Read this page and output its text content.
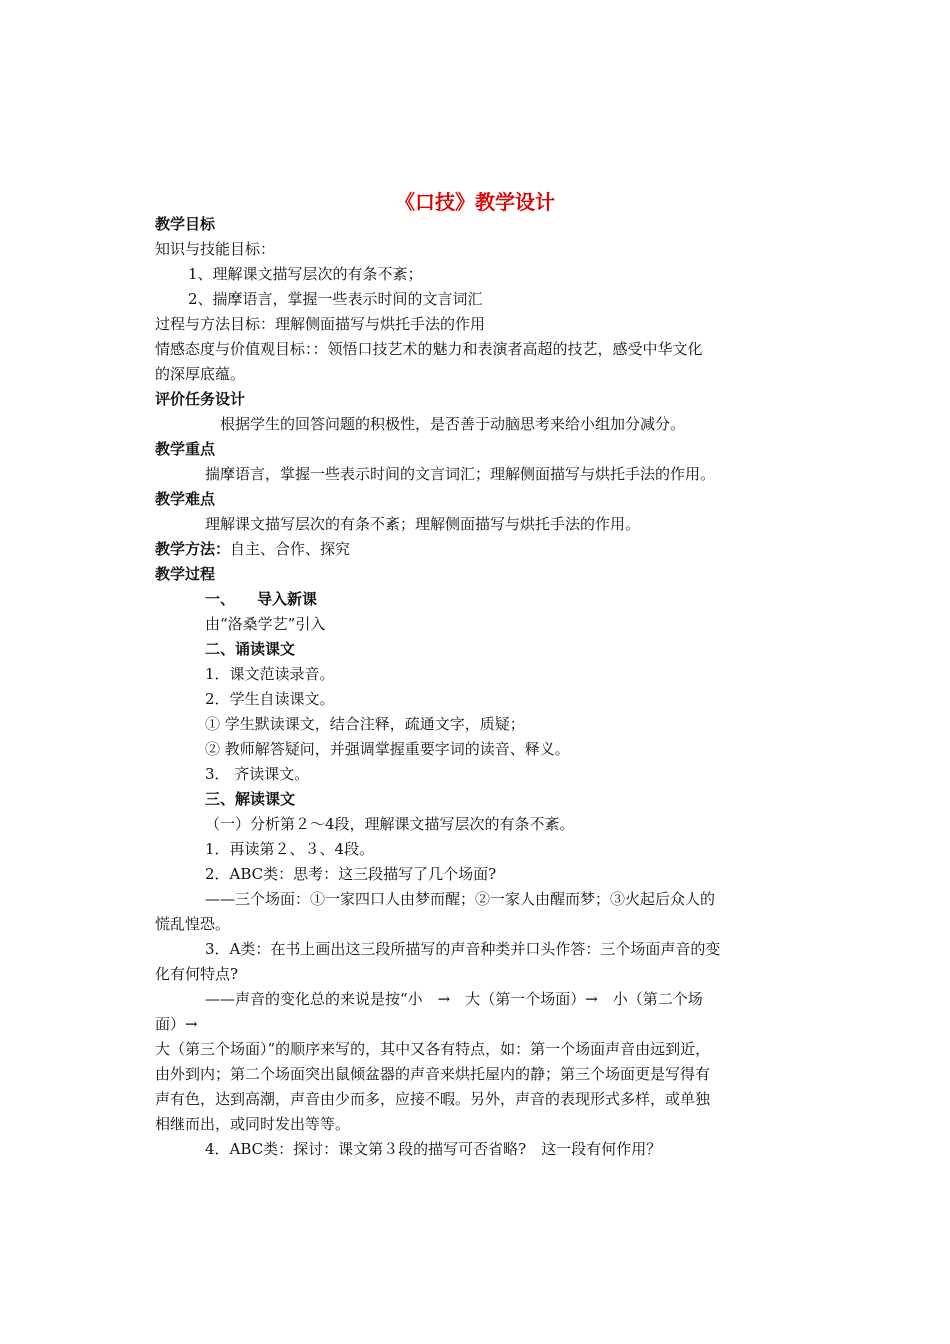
《口技》教学设计
教学目标
知识与技能目标：
1、理解课文描写层次的有条不紊；
2、揣摩语言，掌握一些表示时间的文言词汇
过程与方法目标：理解侧面描写与烘托手法的作用
情感态度与价值观目标：：领悟口技艺术的魅力和表演者高超的技艺，感受中华文化
的深厚底蕴。
评价任务设计
根据学生的回答问题的积极性，是否善于动脑思考来给小组加分减分。
教学重点
揣摩语言，掌握一些表示时间的文言词汇；理解侧面描写与烘托手法的作用。
教学难点
理解课文描写层次的有条不紊；理解侧面描写与烘托手法的作用。
教学方法：自主、合作、探究
教学过程
一、 导入新课
由“洛桑学艺”引入
二、诵读课文
1．课文范读录音。
2．学生自读课文。
① 学生默读课文，结合注释，疏通文字，质疑；
② 教师解答疑问，并强调掌握重要字词的读音、释义。
3． 齐读课文。
三、解读课文
（一）分析第２～4段，理解课文描写层次的有条不紊。
1．再读第２、３、4段。
2．ABC类：思考：这三段描写了几个场面?
——三个场面：①一家四口人由梦而醒；②一家人由醒而梦；③火起后众人的
慌乱惶恐。
3．A类：在书上画出这三段所描写的声音种类并口头作答：三个场面声音的变
化有何特点?
——声音的变化总的来说是按“小　→　大（第一个场面）→　小（第二个场
面）→
大（第三个场面）”的顺序来写的，其中又各有特点，如：第一个场面声音由远到近，
由外到内；第二个场面突出鼠倾盆器的声音来烘托屋内的静；第三个场面更是写得有
声有色，达到高潮，声音由少而多，应接不暇。另外，声音的表现形式多样，或单独
相继而出，或同时发出等等。
4．ABC类：探讨：课文第３段的描写可否省略?　这一段有何作用？
